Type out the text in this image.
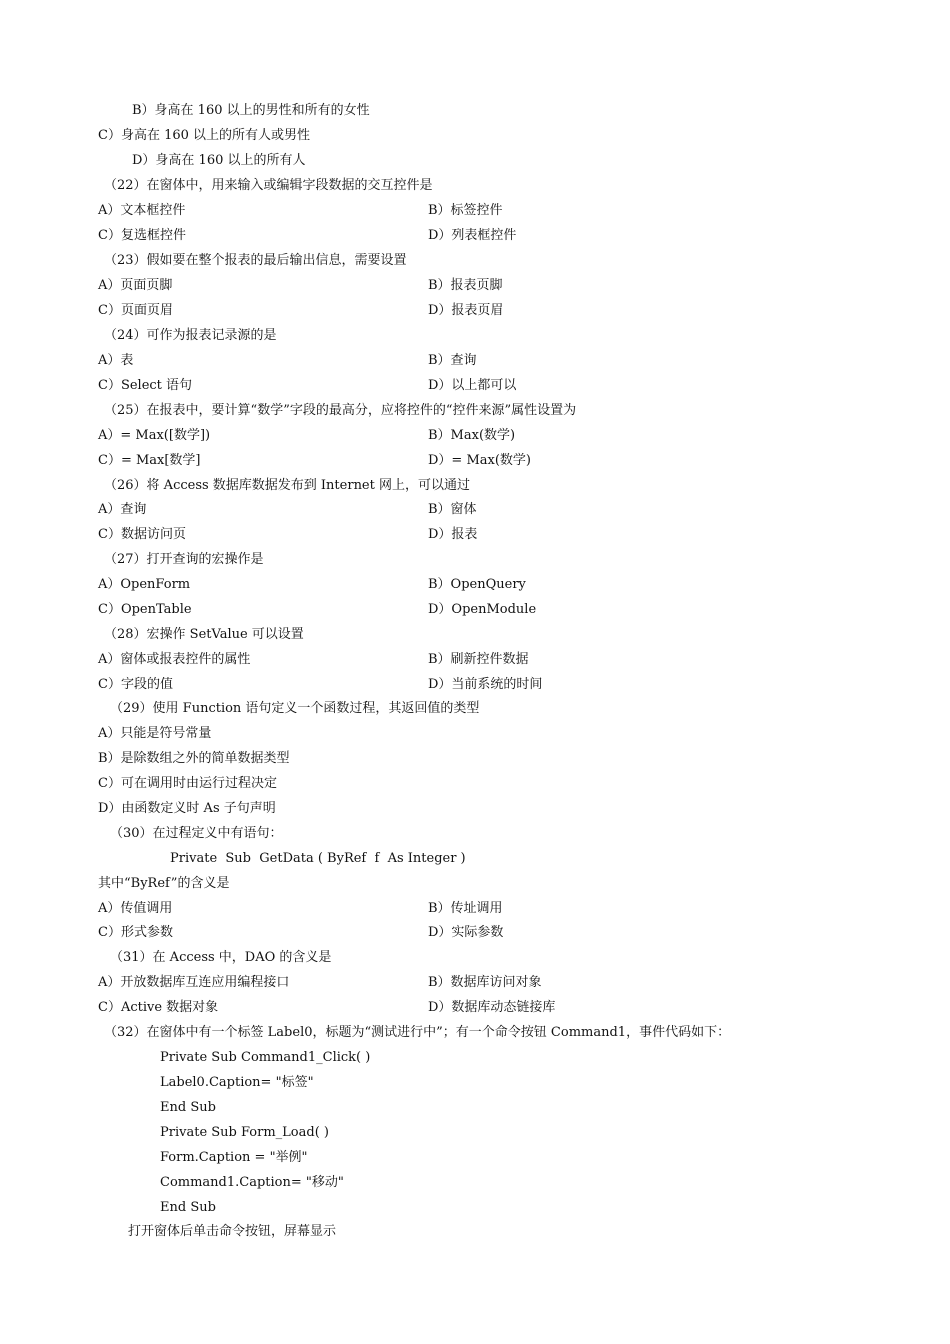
B）身高在 160 以上的男性和所有的女性
C）身高在 160 以上的所有人或男性
D）身高在 160 以上的所有人
（22）在窗体中，用来输入或编辑字段数据的交互控件是
A）文本框控件	B）标签控件
C）复选框控件	D）列表框控件
（23）假如要在整个报表的最后输出信息，需要设置
A）页面页脚	B）报表页脚
C）页面页眉	D）报表页眉
（24）可作为报表记录源的是
A）表	B）查询
C）Select 语句	D）以上都可以
（25）在报表中，要计算“数学”字段的最高分，应将控件的“控件来源”属性设置为
A）= Max([数学])	B）Max(数学)
C）= Max[数学]	D）= Max(数学)
（26）将 Access 数据库数据发布到 Internet 网上，可以通过
A）查询	B）窗体
C）数据访问页	D）报表
（27）打开查询的宏操作是
A）OpenForm	B）OpenQuery
C）OpenTable	D）OpenModule
（28）宏操作 SetValue 可以设置
A）窗体或报表控件的属性	B）刷新控件数据
C）字段的值	D）当前系统的时间
（29）使用 Function 语句定义一个函数过程，其返回值的类型
A）只能是符号常量
B）是除数组之外的简单数据类型
C）可在调用时由运行过程决定
D）由函数定义时 As 子句声明
（30）在过程定义中有语句：
Private  Sub  GetData ( ByRef  f  As Integer )
其中“ByRef”的含义是
A）传值调用	B）传址调用
C）形式参数	D）实际参数
（31）在 Access 中，DAO 的含义是
A）开放数据库互连应用编程接口	B）数据库访问对象
C）Active 数据对象	D）数据库动态链接库
（32）在窗体中有一个标签 Label0，标题为“测试进行中”；有一个命令按钮 Command1，事件代码如下：
Private Sub Command1_Click( )
Label0.Caption= "标签"
End Sub
Private Sub Form_Load( )
Form.Caption = "举例"
Command1.Caption= "移动"
End Sub
打开窗体后单击命令按钮，屏幕显示
